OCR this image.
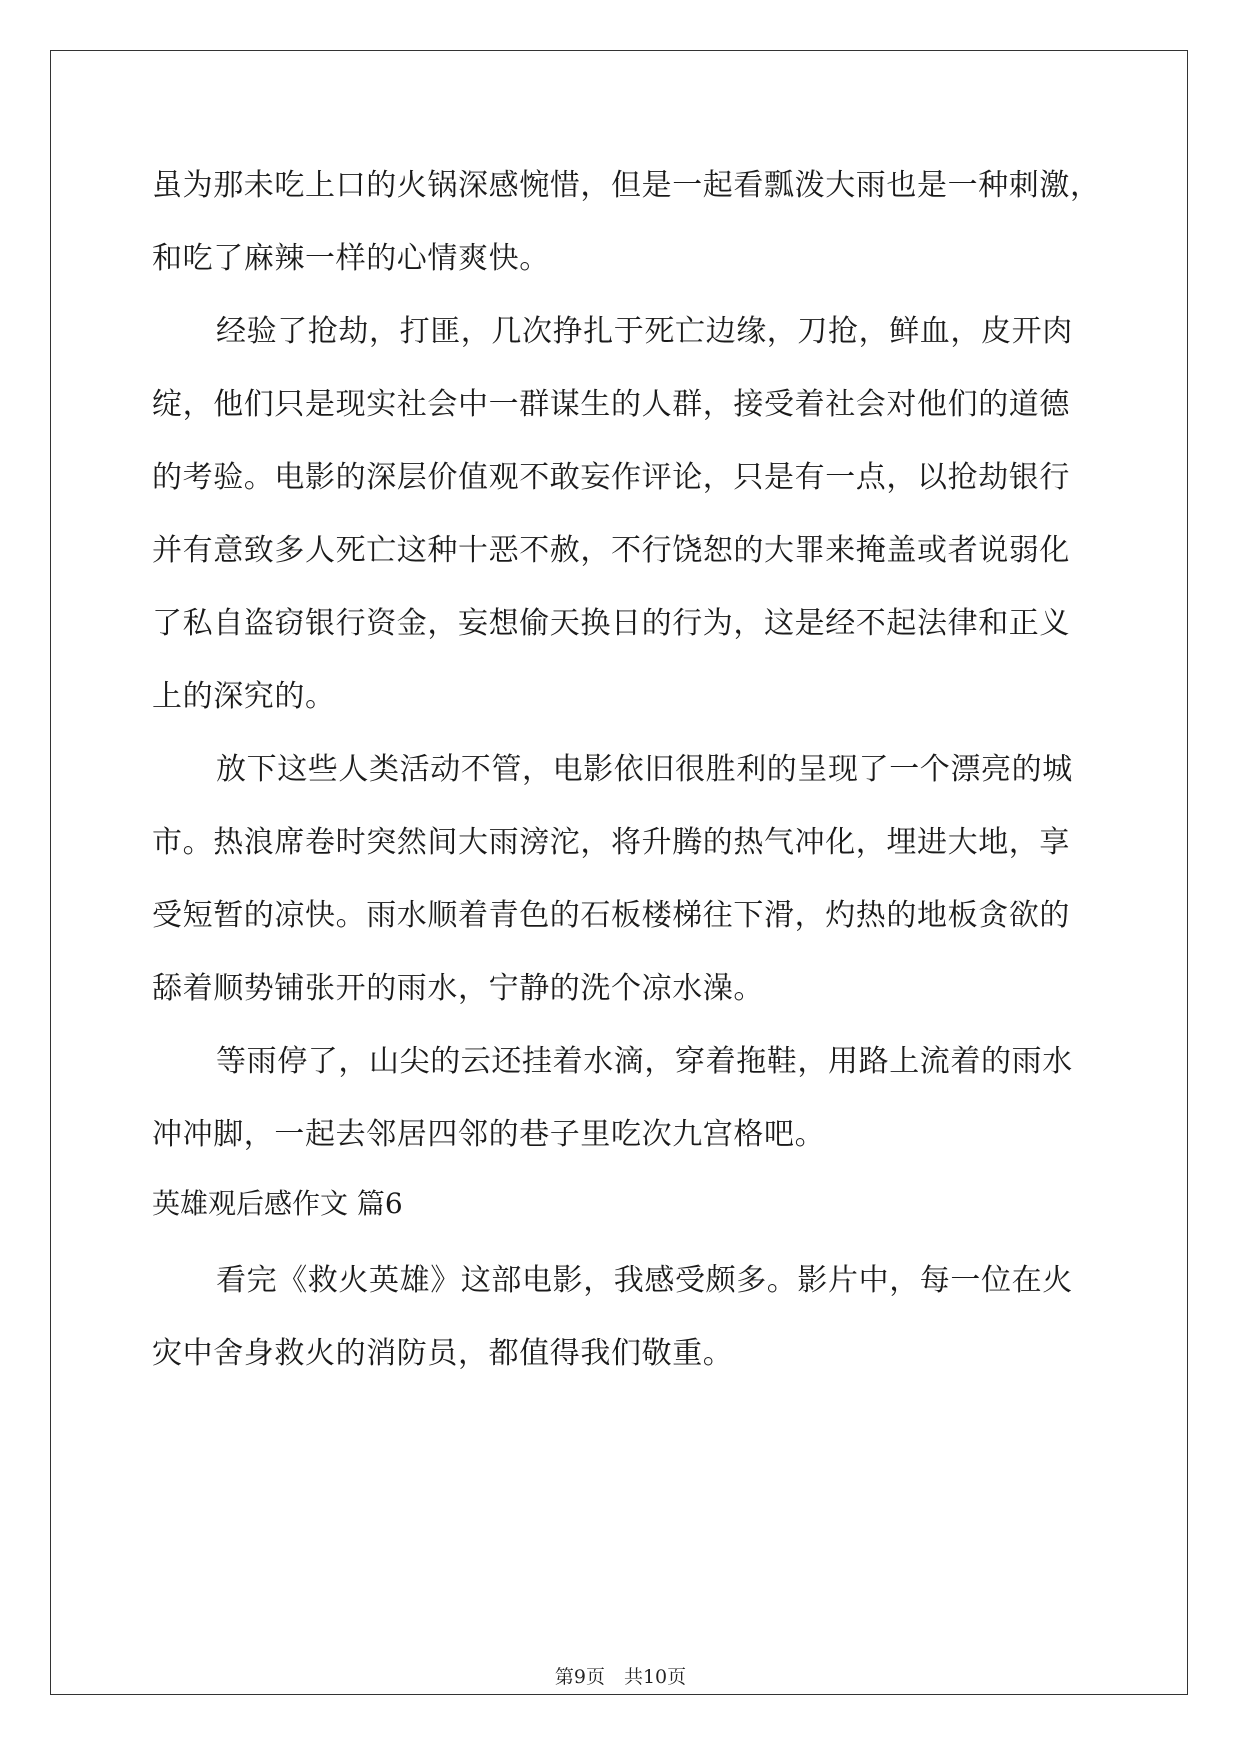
虽为那未吃上口的火锅深感惋惜，但是一起看瓢泼大雨也是一种刺激，
和吃了麻辣一样的心情爽快。
经验了抢劫，打匪，几次挣扎于死亡边缘，刀抢，鲜血，皮开肉
绽，他们只是现实社会中一群谋生的人群，接受着社会对他们的道德
的考验。电影的深层价值观不敢妄作评论，只是有一点，以抢劫银行
并有意致多人死亡这种十恶不赦，不行饶恕的大罪来掩盖或者说弱化
了私自盗窃银行资金，妄想偷天换日的行为，这是经不起法律和正义
上的深究的。
放下这些人类活动不管，电影依旧很胜利的呈现了一个漂亮的城
市。热浪席卷时突然间大雨滂沱，将升腾的热气冲化，埋进大地，享
受短暂的凉快。雨水顺着青色的石板楼梯往下滑，灼热的地板贪欲的
舔着顺势铺张开的雨水，宁静的洗个凉水澡。
等雨停了，山尖的云还挂着水滴，穿着拖鞋，用路上流着的雨水
冲冲脚，一起去邻居四邻的巷子里吃次九宫格吧。
英雄观后感作文 篇6
看完《救火英雄》这部电影，我感受颇多。影片中，每一位在火
灾中舍身救火的消防员，都值得我们敬重。
第9页　共10页
